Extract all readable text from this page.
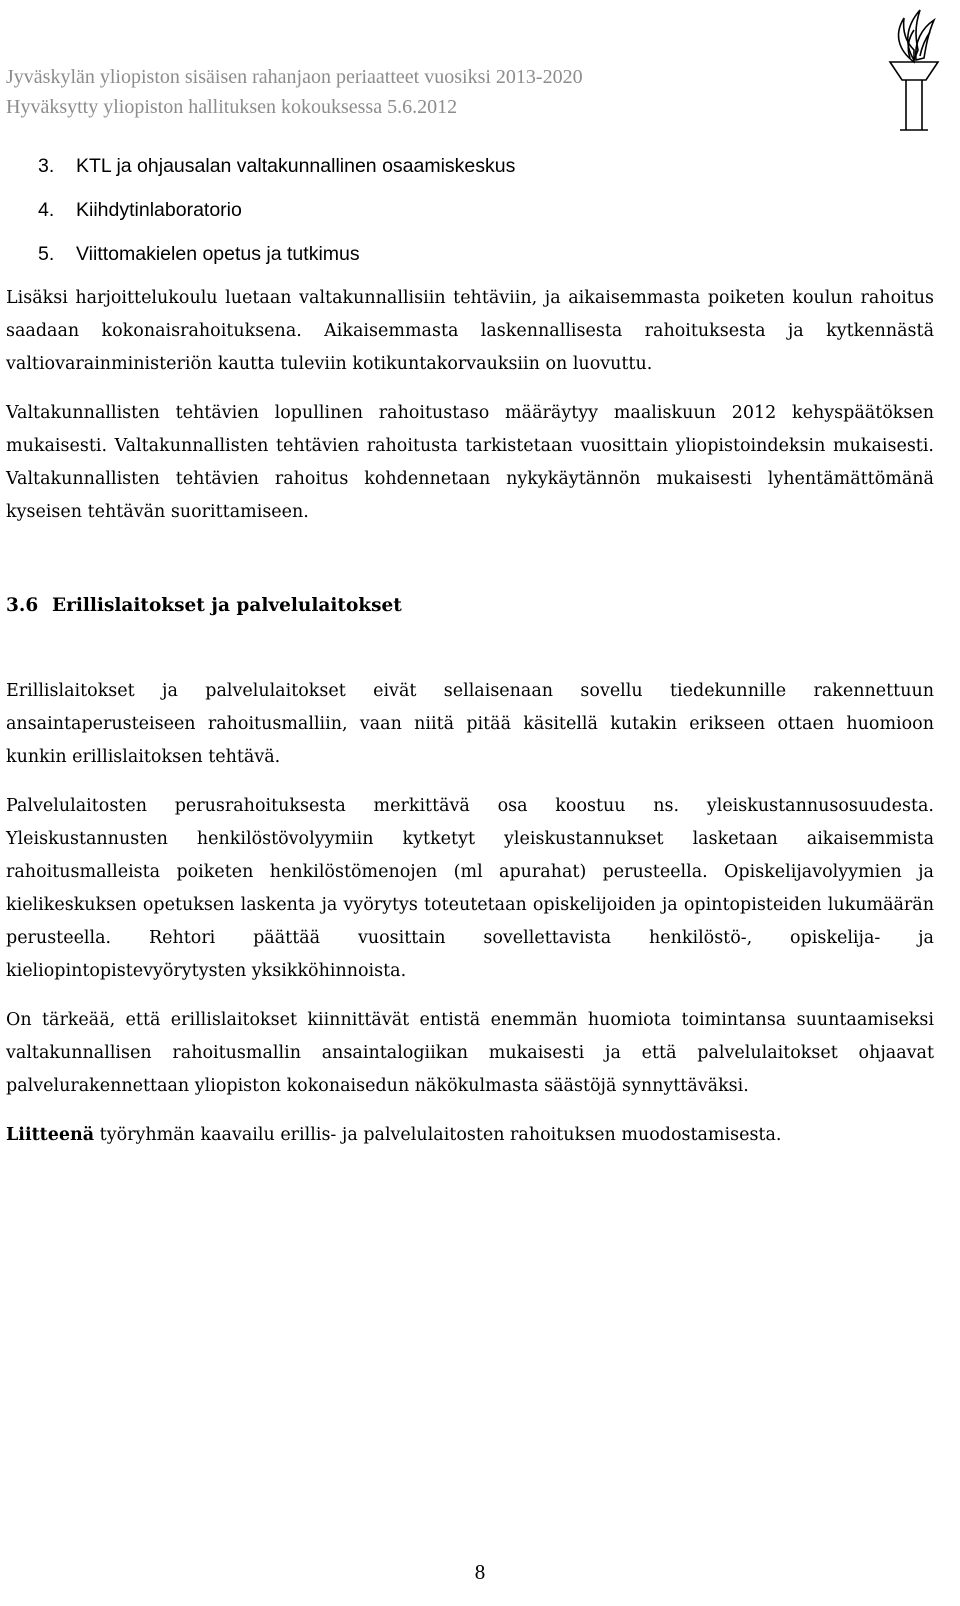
Jyväskylän yliopiston sisäisen rahanjaon periaatteet vuosiksi 2013-2020
Hyväksytty yliopiston hallituksen kokouksessa 5.6.2012
3. KTL ja ohjausalan valtakunnallinen osaamiskeskus
4. Kiihdytinlaboratorio
5. Viittomakielen opetus ja tutkimus

Lisäksi harjoittelukoulu luetaan valtakunnallisiin tehtäviin, ja aikaisemmasta poiketen koulun rahoitus saadaan kokonaisrahoituksena. Aikaisemmasta laskennallisesta rahoituksesta ja kytkennästä valtiovarainministeriön kautta tuleviin kotikuntakorvauksiin on luovuttu.

Valtakunnallisten tehtävien lopullinen rahoitustaso määräytyy maaliskuun 2012 kehyspäätöksen mukaisesti. Valtakunnallisten tehtävien rahoitusta tarkistetaan vuosittain yliopistoindeksin mukaisesti. Valtakunnallisten tehtävien rahoitus kohdennetaan nykykäytännön mukaisesti lyhentämättömänä kyseisen tehtävän suorittamiseen.

3.6 Erillislaitokset ja palvelulaitokset

Erillislaitokset ja palvelulaitokset eivät sellaisenaan sovellu tiedekunnille rakennettuun ansaintaperusteiseen rahoitusmalliin, vaan niitä pitää käsitellä kutakin erikseen ottaen huomioon kunkin erillislaitoksen tehtävä.

Palvelulaitosten perusrahoituksesta merkittävä osa koostuu ns. yleiskustannusosuudesta. Yleiskustannusten henkilöstövolyymiin kytketyt yleiskustannukset lasketaan aikaisemmista rahoitusmalleista poiketen henkilöstömenojen (ml apurahat) perusteella. Opiskelijavolyymien ja kielikeskuksen opetuksen laskenta ja vyörytys toteutetaan opiskelijoiden ja opintopisteiden lukumäärän perusteella. Rehtori päättää vuosittain sovellettavista henkilöstö-, opiskelija- ja kieliopintopistevyörytysten yksikköhinnoista.

On tärkeää, että erillislaitokset kiinnittävät entistä enemmän huomiota toimintansa suuntaamiseksi valtakunnallisen rahoitusmallin ansaintalogiikan mukaisesti ja että palvelulaitokset ohjaavat palvelurakennettaan yliopiston kokonaisedun näkökulmasta säästöjä synnyttäväksi.

Liitteenä työryhmän kaavailu erillis- ja palvelulaitosten rahoituksen muodostamisesta.

8
